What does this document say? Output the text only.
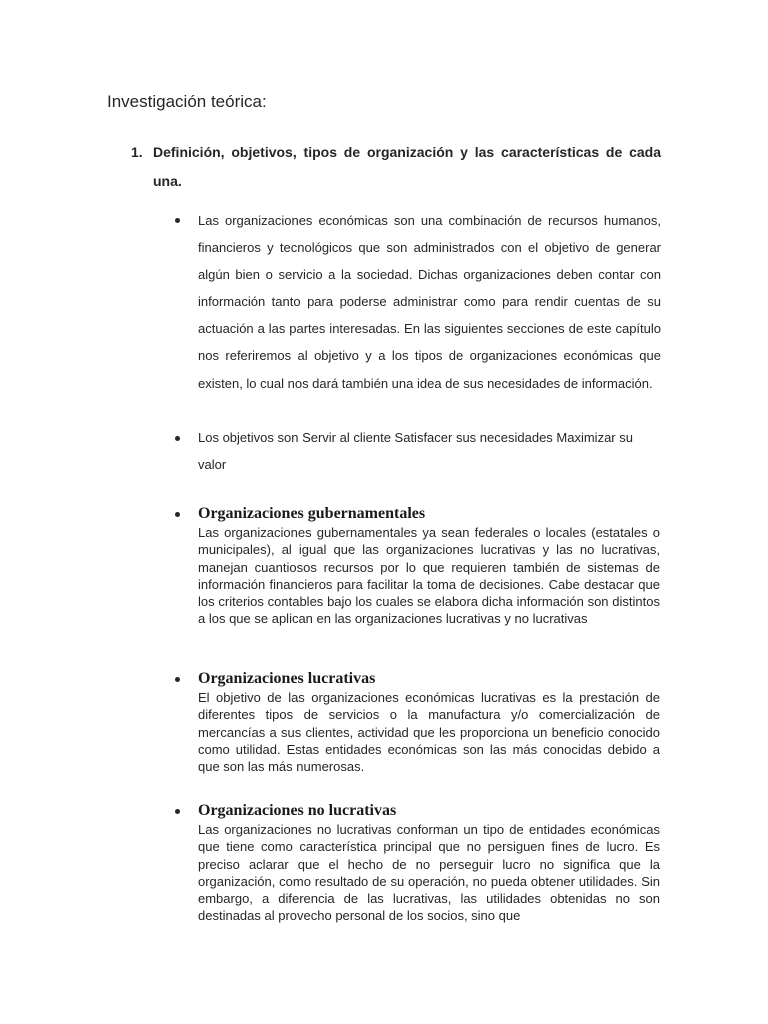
Investigación teórica:
1. Definición, objetivos, tipos de organización y las características de cada una.

Las organizaciones económicas son una combinación de recursos humanos, financieros y tecnológicos que son administrados con el objetivo de generar algún bien o servicio a la sociedad. Dichas organizaciones deben contar con información tanto para poderse administrar como para rendir cuentas de su actuación a las partes interesadas. En las siguientes secciones de este capítulo nos referiremos al objetivo y a los tipos de organizaciones económicas que existen, lo cual nos dará también una idea de sus necesidades de información.

Los objetivos son Servir al cliente Satisfacer sus necesidades Maximizar su valor

Organizaciones gubernamentales

Las organizaciones gubernamentales ya sean federales o locales (estatales o municipales), al igual que las organizaciones lucrativas y las no lucrativas, manejan cuantiosos recursos por lo que requieren también de sistemas de información financieros para facilitar la toma de decisiones. Cabe destacar que los criterios contables bajo los cuales se elabora dicha información son distintos a los que se aplican en las organizaciones lucrativas y no lucrativas

Organizaciones lucrativas

El objetivo de las organizaciones económicas lucrativas es la prestación de diferentes tipos de servicios o la manufactura y/o comercialización de mercancías a sus clientes, actividad que les proporciona un beneficio conocido como utilidad. Estas entidades económicas son las más conocidas debido a que son las más numerosas.

Organizaciones no lucrativas

Las organizaciones no lucrativas conforman un tipo de entidades económicas que tiene como característica principal que no persiguen fines de lucro. Es preciso aclarar que el hecho de no perseguir lucro no significa que la organización, como resultado de su operación, no pueda obtener utilidades. Sin embargo, a diferencia de las lucrativas, las utilidades obtenidas no son destinadas al provecho personal de los socios, sino que
